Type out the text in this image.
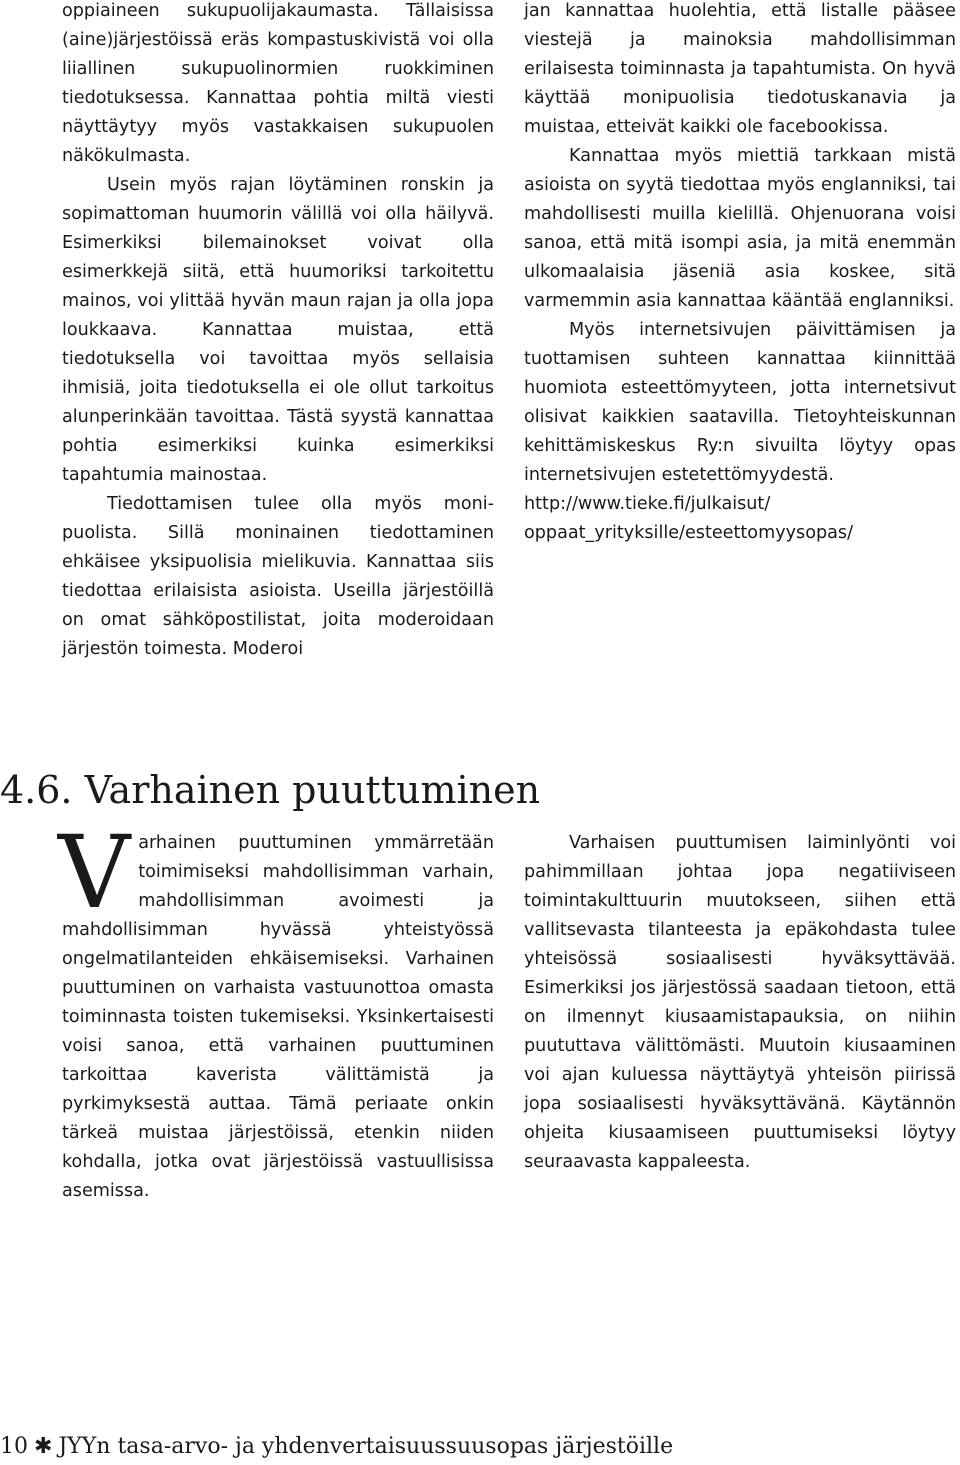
oppiaineen sukupuolijakaumasta. Tällaisissa (aine)järjestöissä eräs kompastuskivistä voi olla liiallinen sukupuolinormien ruokkiminen tiedotuksessa. Kannattaa pohtia miltä viesti näyttäytyy myös vastakkaisen sukupuolen näkökulmasta.

Usein myös rajan löytäminen ronskin ja sopimattoman huumorin välillä voi olla häilyvä. Esimerkiksi bilemainokset voivat olla esimerkkejä siitä, että huumoriksi tarkoitettu mainos, voi ylittää hyvän maun rajan ja olla jopa loukkaava. Kannattaa muistaa, että tiedotuksella voi tavoittaa myös sellaisia ihmisiä, joita tiedotuksella ei ole ollut tarkoitus alunperinkään tavoittaa. Tästä syystä kannattaa pohtia esimerkiksi kuinka esimerkiksi tapahtumia mainostaa.

Tiedottamisen tulee olla myös monipuolista. Sillä moninainen tiedottaminen ehkäisee yksipuolisia mielikuvia. Kannattaa siis tiedottaa erilaisista asioista. Useilla järjestöillä on omat sähköpostilistat, joita moderoidaan järjestön toimesta. Moderoi

jan kannattaa huolehtia, että listalle pääsee viestejä ja mainoksia mahdollisimman erilaisesta toiminnasta ja tapahtumista. On hyvä käyttää monipuolisia tiedotuskanavia ja muistaa, etteivät kaikki ole facebookissa.

Kannattaa myös miettiä tarkkaan mistä asioista on syytä tiedottaa myös englanniksi, tai mahdollisesti muilla kielillä. Ohjenuorana voisi sanoa, että mitä isompi asia, ja mitä enemmän ulkomaalaisia jäseniä asia koskee, sitä varmemmin asia kannattaa kääntää englanniksi.

Myös internetsivujen päivittämisen ja tuottamisen suhteen kannattaa kiinnittää huomiota esteettömyyteen, jotta internetsivut olisivat kaikkien saatavilla. Tietoyhteiskunnan kehittämiskeskus Ry:n sivuilta löytyy opas internetsivujen estetettömyydestä.

http://www.tieke.fi/julkaisut/ oppaat_yrityksille/esteettomyysopas/

4.6. Varhainen puuttuminen

Varhainen puuttuminen ymmärretään toimimiseksi mahdollisimman varhain, mahdollisimman avoimesti ja mahdollisimman hyvässä yhteistyössä ongelmatilanteiden ehkäisemiseksi. Varhainen puuttuminen on varhaista vastuunottoa omasta toiminnasta toisten tukemiseksi. Yksinkertaisesti voisi sanoa, että varhainen puuttuminen tarkoittaa kaverista välittämistä ja pyrkimyksestä auttaa. Tämä periaate onkin tärkeä muistaa järjestöissä, etenkin niiden kohdalla, jotka ovat järjestöissä vastuullisissa asemissa.

Varhaisen puuttumisen laiminlyönti voi pahimmillaan johtaa jopa negatiiviseen toimintakulttuurin muutokseen, siihen että vallitsevasta tilanteesta ja epäkohdasta tulee yhteisössä sosiaalisesti hyväksyttävää. Esimerkiksi jos järjestössä saadaan tietoon, että on ilmennyt kiusaamistapauksia, on niihin puututtava välittömästi. Muutoin kiusaaminen voi ajan kuluessa näyttäytyä yhteisön piirissä jopa sosiaalisesti hyväksyttävänä. Käytännön ohjeita kiusaamiseen puuttumiseksi löytyy seuraavasta kappaleesta.

10 ✱ JYYn tasa-arvo- ja yhdenvertaisuussuusopas järjestöille
